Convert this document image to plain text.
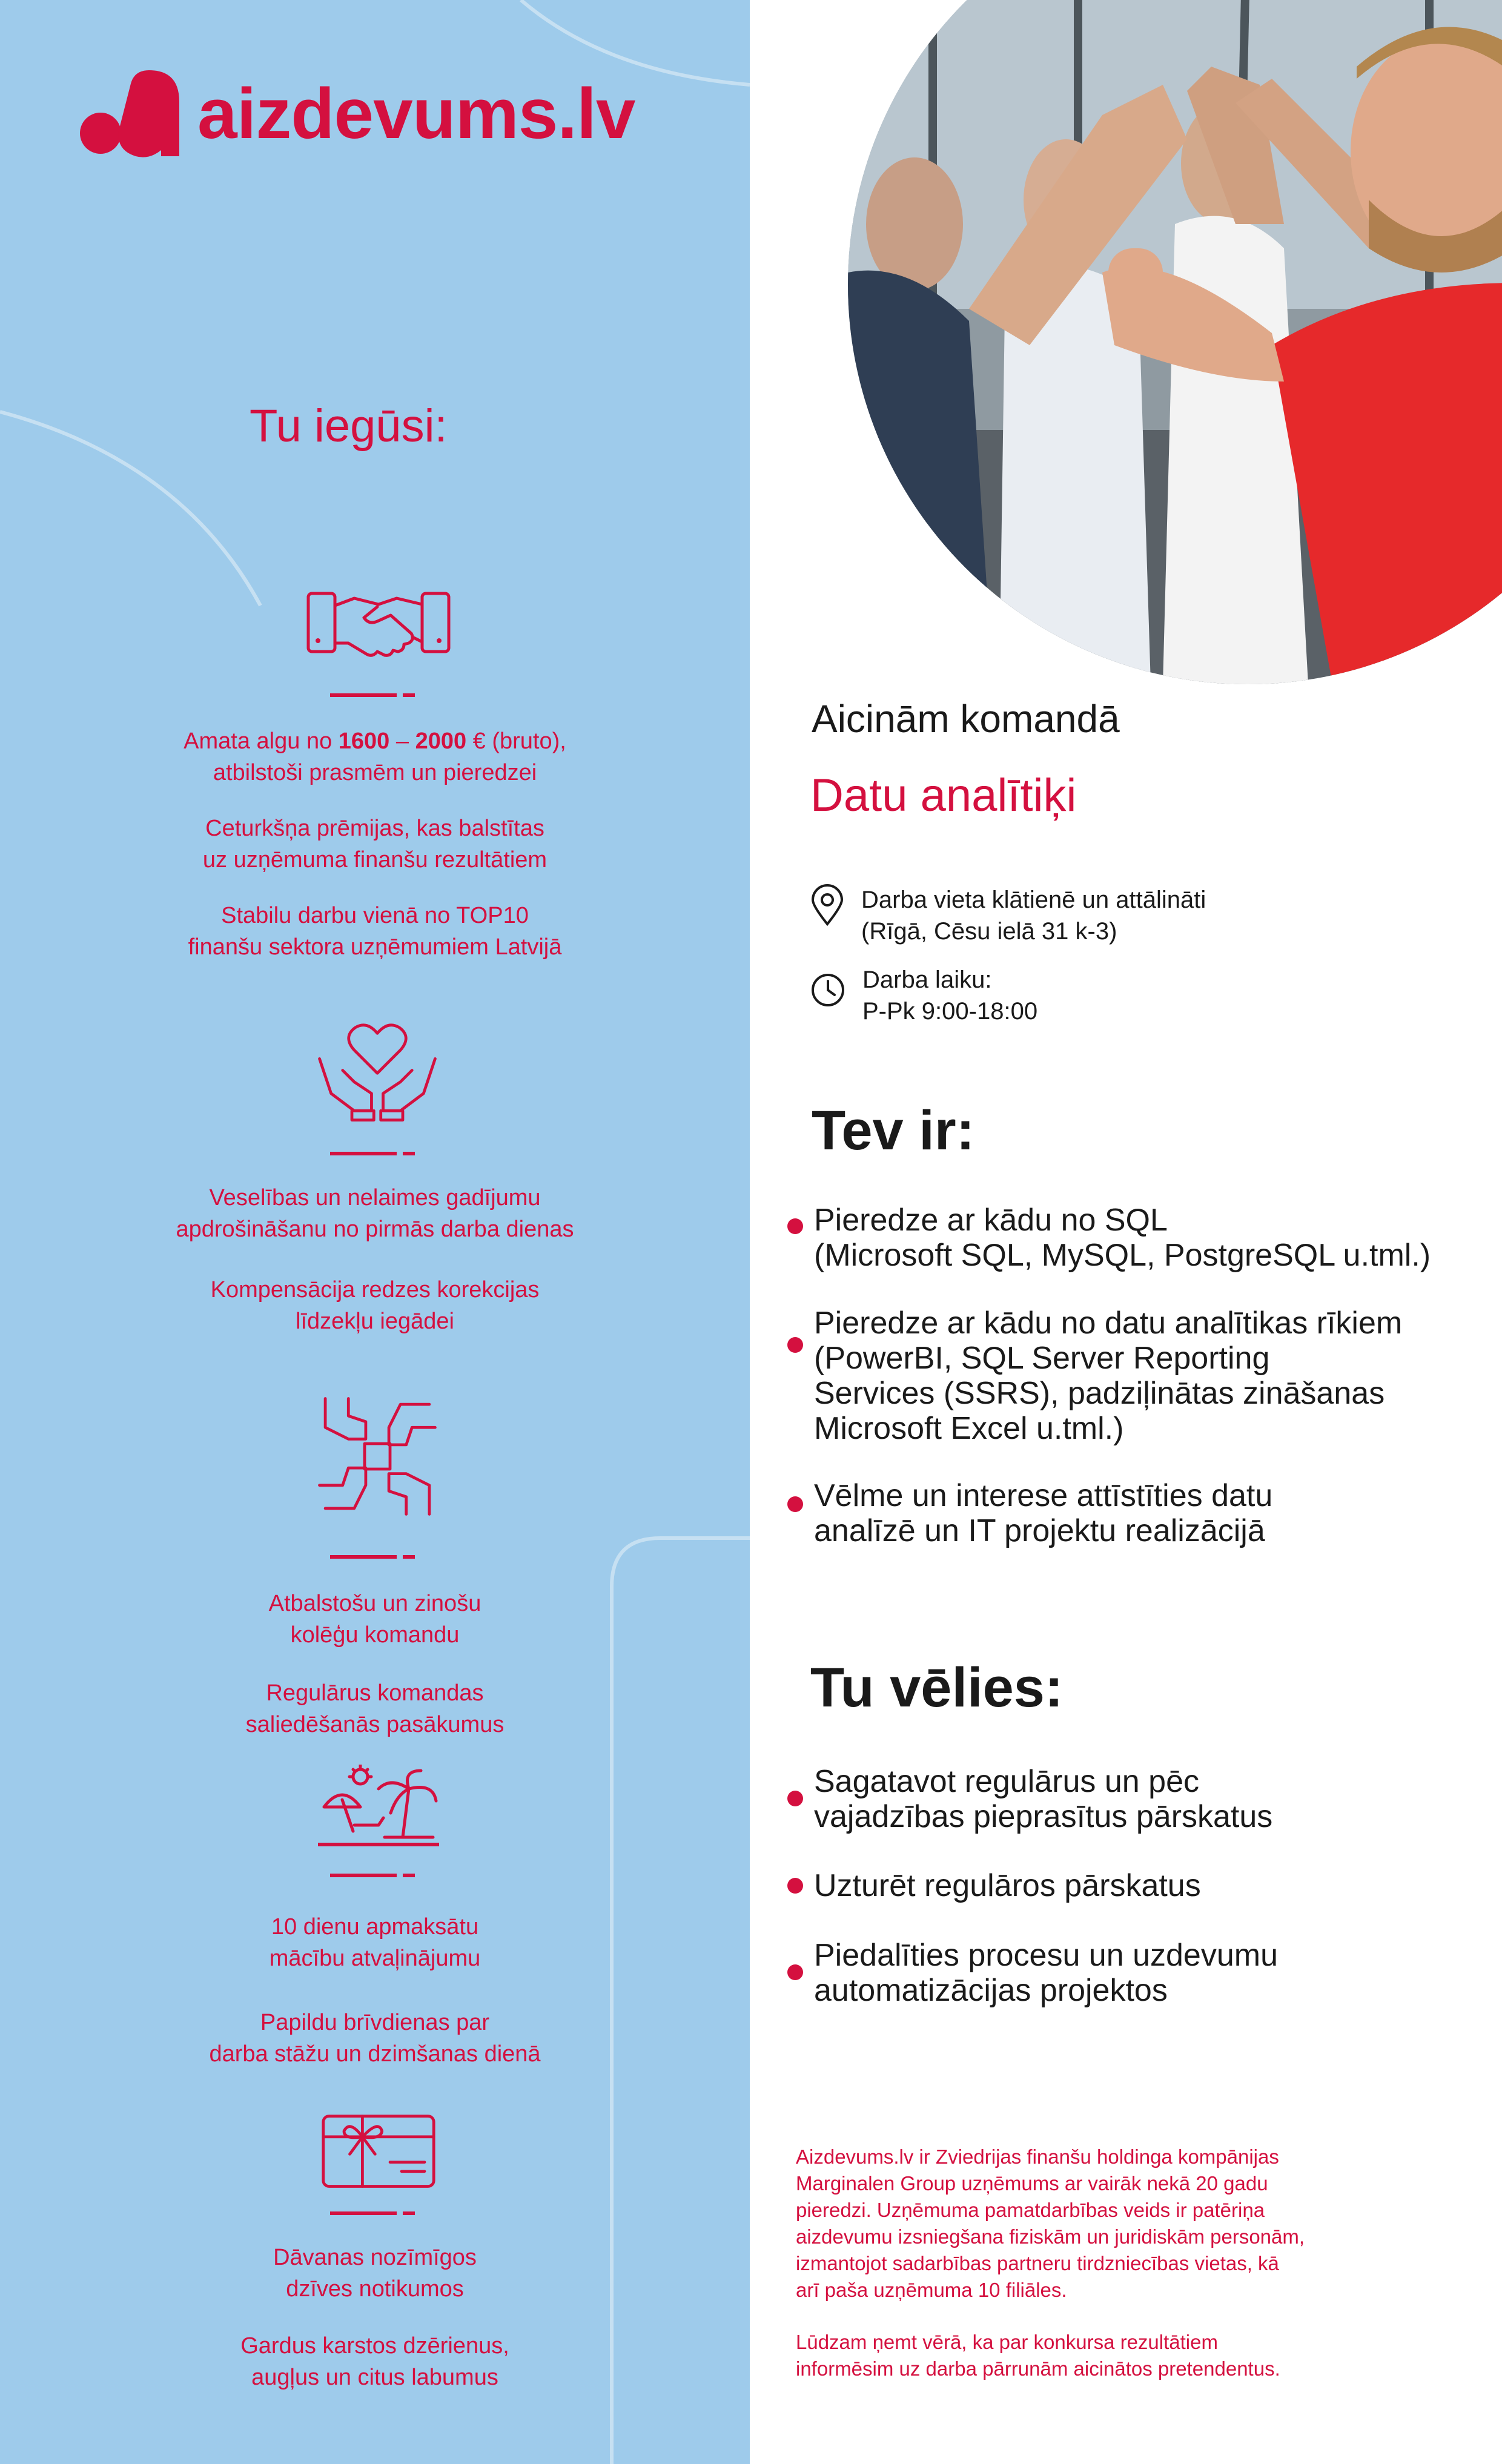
aizdevums.lv
Tu iegūsi:
Amata algu no 1600 – 2000 € (bruto),
atbilstoši prasmēm un pieredzei
Ceturkšņa prēmijas, kas balstītas
uz uzņēmuma finanšu rezultātiem
Stabilu darbu vienā no TOP10
finanšu sektora uzņēmumiem Latvijā
Veselības un nelaimes gadījumu
apdrošināšanu no pirmās darba dienas
Kompensācija redzes korekcijas
līdzekļu iegādei
Atbalstošu un zinošu
kolēģu komandu
Regulārus komandas
saliedēšanās pasākumus
10 dienu apmaksātu
mācību atvaļinājumu
Papildu brīvdienas par
darba stāžu un dzimšanas dienā
Dāvanas nozīmīgos
dzīves notikumos
Gardus karstos dzērienus,
augļus un citus labumus
Aicinām komandā
Datu analītiķi
Darba vieta klātienē un attālināti
(Rīgā, Cēsu ielā 31 k-3)
Darba laiku:
P-Pk 9:00-18:00
Tev ir:
Pieredze ar kādu no SQL
(Microsoft SQL, MySQL, PostgreSQL u.tml.)
Pieredze ar kādu no datu analītikas rīkiem
(PowerBI, SQL Server Reporting
Services (SSRS), padziļinātas zināšanas
Microsoft Excel u.tml.)
Vēlme un interese attīstīties datu
analīzē un IT projektu realizācijā
Tu vēlies:
Sagatavot regulārus un pēc
vajadzības pieprasītus pārskatus
Uzturēt regulāros pārskatus
Piedalīties procesu un uzdevumu
automatizācijas projektos
Aizdevums.lv ir Zviedrijas finanšu holdinga kompānijas
Marginalen Group uzņēmums ar vairāk nekā 20 gadu
pieredzi. Uzņēmuma pamatdarbības veids ir patēriņa
aizdevumu izsniegšana fiziskām un juridiskām personām,
izmantojot sadarbības partneru tirdzniecības vietas, kā
arī paša uzņēmuma 10 filiāles.
Lūdzam ņemt vērā, ka par konkursa rezultātiem
informēsim uz darba pārrunām aicinātos pretendentus.
